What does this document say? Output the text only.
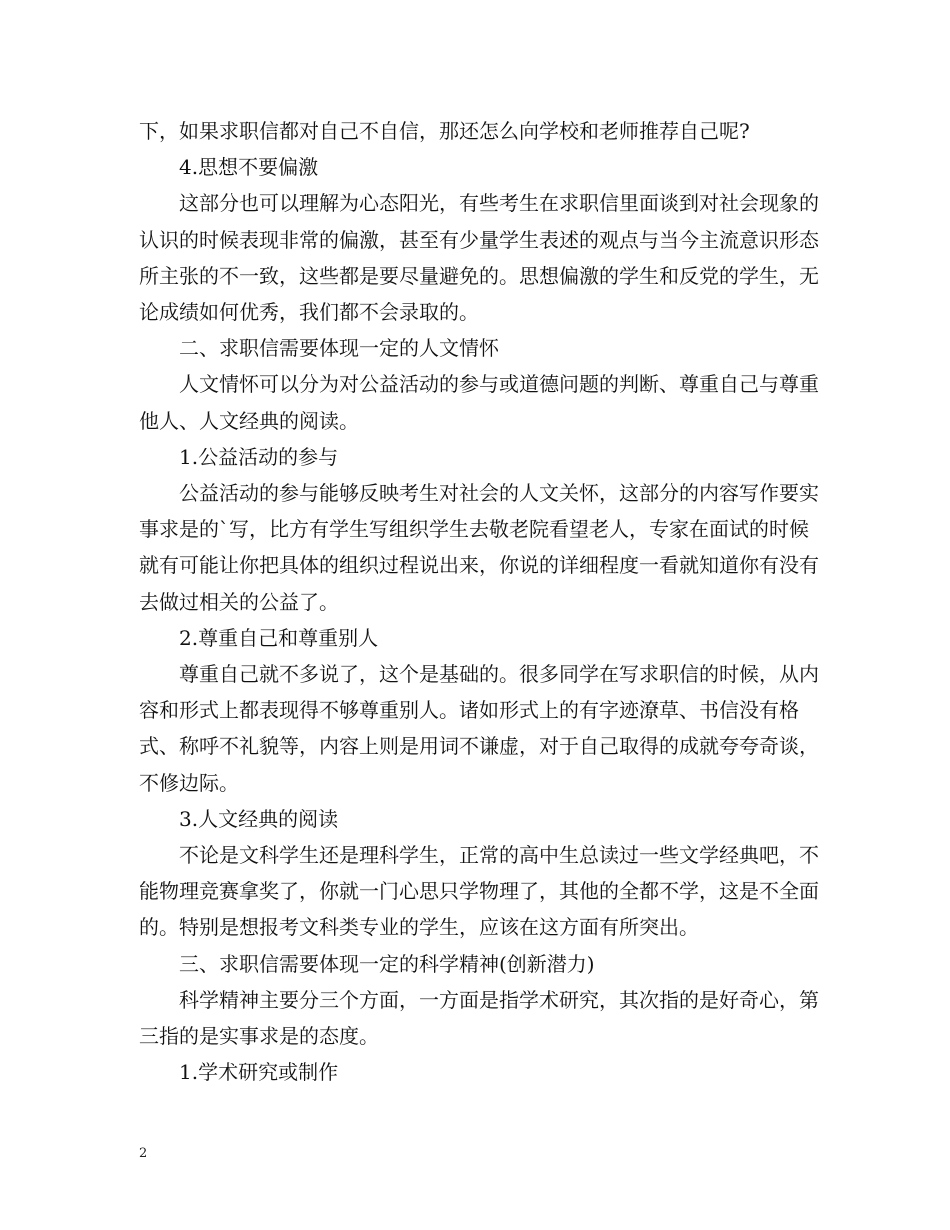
下，如果求职信都对自己不自信，那还怎么向学校和老师推荐自己呢?

4.思想不要偏激

这部分也可以理解为心态阳光，有些考生在求职信里面谈到对社会现象的认识的时候表现非常的偏激，甚至有少量学生表述的观点与当今主流意识形态所主张的不一致，这些都是要尽量避免的。思想偏激的学生和反党的学生，无论成绩如何优秀，我们都不会录取的。

二、求职信需要体现一定的人文情怀

人文情怀可以分为对公益活动的参与或道德问题的判断、尊重自己与尊重他人、人文经典的阅读。

1.公益活动的参与

公益活动的参与能够反映考生对社会的人文关怀，这部分的内容写作要实事求是的`写，比方有学生写组织学生去敬老院看望老人，专家在面试的时候就有可能让你把具体的组织过程说出来，你说的详细程度一看就知道你有没有去做过相关的公益了。

2.尊重自己和尊重别人

尊重自己就不多说了，这个是基础的。很多同学在写求职信的时候，从内容和形式上都表现得不够尊重别人。诸如形式上的有字迹潦草、书信没有格式、称呼不礼貌等，内容上则是用词不谦虚，对于自己取得的成就夸夸奇谈，不修边际。

3.人文经典的阅读

不论是文科学生还是理科学生，正常的高中生总读过一些文学经典吧，不能物理竞赛拿奖了，你就一门心思只学物理了，其他的全都不学，这是不全面的。特别是想报考文科类专业的学生，应该在这方面有所突出。

三、求职信需要体现一定的科学精神(创新潜力)

科学精神主要分三个方面，一方面是指学术研究，其次指的是好奇心，第三指的是实事求是的态度。

1.学术研究或制作

2
